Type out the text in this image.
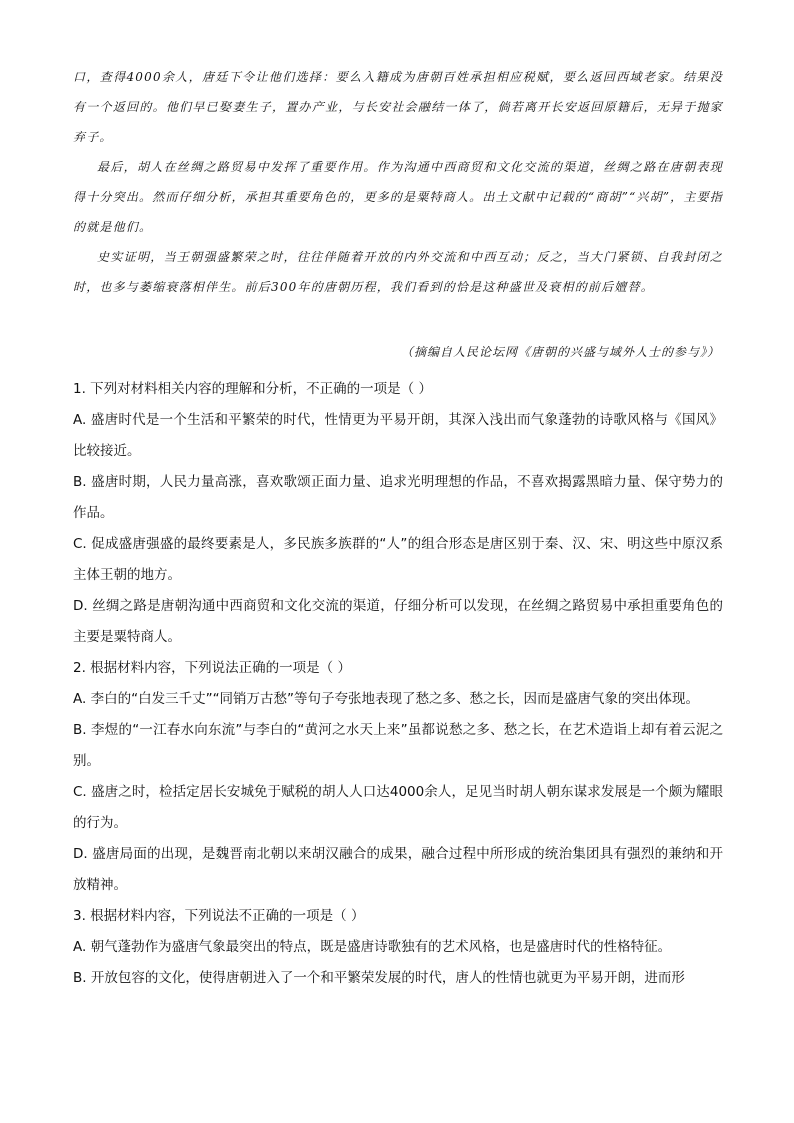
口，查得4000余人，唐廷下令让他们选择：要么入籍成为唐朝百姓承担相应税赋，要么返回西域老家。结果没有一个返回的。他们早已娶妻生子，置办产业，与长安社会融结一体了，倘若离开长安返回原籍后，无异于抛家弃子。

最后，胡人在丝绸之路贸易中发挥了重要作用。作为沟通中西商贸和文化交流的渠道，丝绸之路在唐朝表现得十分突出。然而仔细分析，承担其重要角色的，更多的是粟特商人。出土文献中记载的“商胡”“兴胡”，主要指的就是他们。

史实证明，当王朝强盛繁荣之时，往往伴随着开放的内外交流和中西互动；反之，当大门紧锁、自我封闭之时，也多与萎缩衰落相伴生。前后300年的唐朝历程，我们看到的恰是这种盛世及衰相的前后嬗替。

（摘编自人民论坛网《唐朝的兴盛与域外人士的参与》）

1. 下列对材料相关内容的理解和分析，不正确的一项是（ ）

A. 盛唐时代是一个生活和平繁荣的时代，性情更为平易开朗，其深入浅出而气象蓬勃的诗歌风格与《国风》比较接近。

B. 盛唐时期，人民力量高涨，喜欢歌颂正面力量、追求光明理想的作品，不喜欢揭露黑暗力量、保守势力的作品。

C. 促成盛唐强盛的最终要素是人，多民族多族群的“人”的组合形态是唐区别于秦、汉、宋、明这些中原汉系主体王朝的地方。

D. 丝绸之路是唐朝沟通中西商贸和文化交流的渠道，仔细分析可以发现，在丝绸之路贸易中承担重要角色的主要是粟特商人。

2. 根据材料内容，下列说法正确的一项是（ ）

A. 李白的“白发三千丈”“同销万古愁”等句子夸张地表现了愁之多、愁之长，因而是盛唐气象的突出体现。

B. 李煜的“一江春水向东流”与李白的“黄河之水天上来”虽都说愁之多、愁之长，在艺术造诣上却有着云泥之别。

C. 盛唐之时，检括定居长安城免于赋税的胡人人口达4000余人，足见当时胡人朝东谋求发展是一个颇为耀眼的行为。

D. 盛唐局面的出现，是魏晋南北朝以来胡汉融合的成果，融合过程中所形成的统治集团具有强烈的兼纳和开放精神。

3. 根据材料内容，下列说法不正确的一项是（ ）

A. 朝气蓬勃作为盛唐气象最突出的特点，既是盛唐诗歌独有的艺术风格，也是盛唐时代的性格特征。

B. 开放包容的文化，使得唐朝进入了一个和平繁荣发展的时代，唐人的性情也就更为平易开朗，进而形
